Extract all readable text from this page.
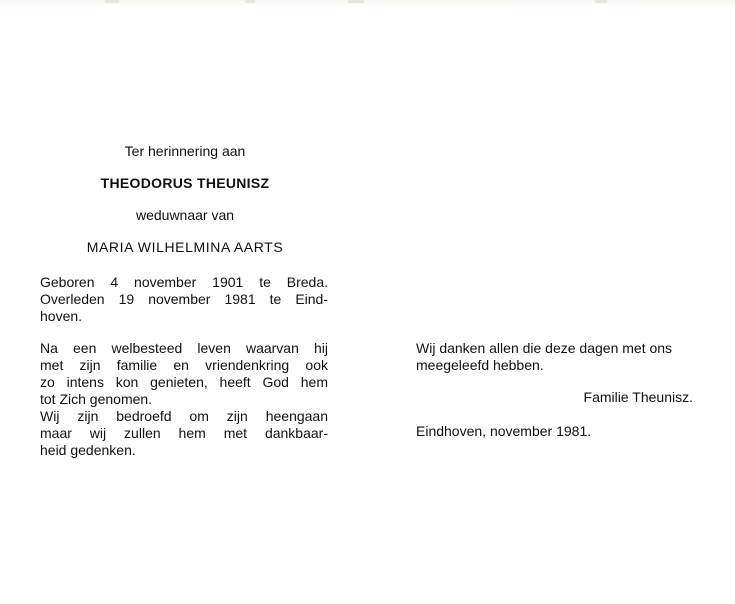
Ter herinnering aan

THEODORUS THEUNISZ

weduwnaar van

MARIA WILHELMINA AARTS

Geboren 4 november 1901 te Breda.
Overleden 19 november 1981 te Eind-
hoven.
Na een welbesteed leven waarvan hij
met zijn familie en vriendenkring ook
zo intens kon genieten, heeft God hem
tot Zich genomen.
Wij zijn bedroefd om zijn heengaan
maar wij zullen hem met dankbaar-
heid gedenken.
Wij danken allen die deze dagen met ons
meegeleefd hebben.

Familie Theunisz.

Eindhoven, november 1981.
